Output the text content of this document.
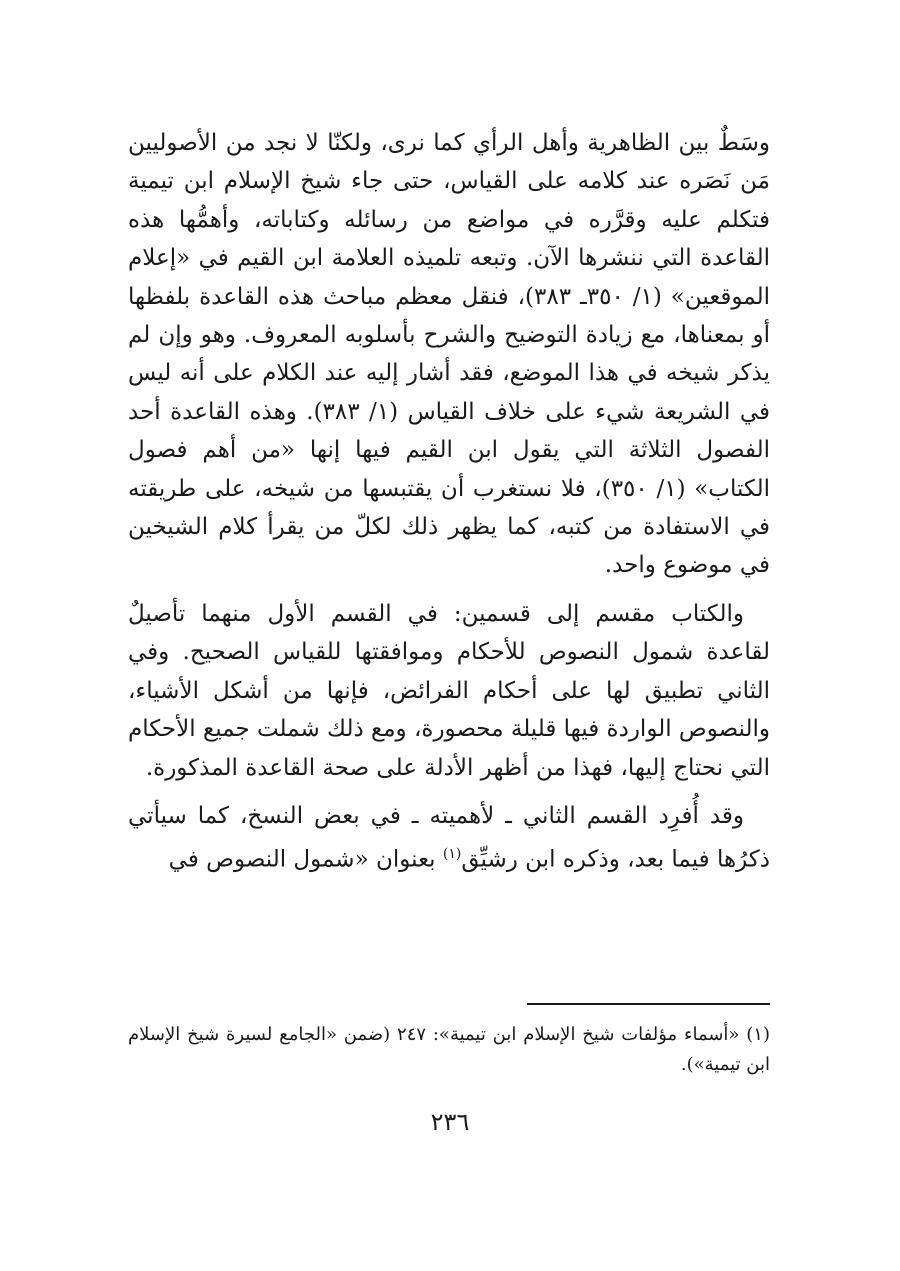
وسَطٌ بين الظاهرية وأهل الرأي كما نرى، ولكنّا لا نجد من الأصوليين مَن نَصَره عند كلامه على القياس، حتى جاء شيخ الإسلام ابن تيمية فتكلم عليه وقرَّره في مواضع من رسائله وكتاباته، وأهمُّها هذه القاعدة التي ننشرها الآن. وتبعه تلميذه العلامة ابن القيم في «إعلام الموقعين» (١/ ٣٥٠ـ ٣٨٣)، فنقل معظم مباحث هذه القاعدة بلفظها أو بمعناها، مع زيادة التوضيح والشرح بأسلوبه المعروف. وهو وإن لم يذكر شيخه في هذا الموضع، فقد أشار إليه عند الكلام على أنه ليس في الشريعة شيء على خلاف القياس (١/ ٣٨٣). وهذه القاعدة أحد الفصول الثلاثة التي يقول ابن القيم فيها إنها «من أهم فصول الكتاب» (١/ ٣٥٠)، فلا نستغرب أن يقتبسها من شيخه، على طريقته في الاستفادة من كتبه، كما يظهر ذلك لكلّ من يقرأ كلام الشيخين في موضوع واحد.

والكتاب مقسم إلى قسمين: في القسم الأول منهما تأصيلٌ لقاعدة شمول النصوص للأحكام وموافقتها للقياس الصحيح. وفي الثاني تطبيق لها على أحكام الفرائض، فإنها من أشكل الأشياء، والنصوص الواردة فيها قليلة محصورة، ومع ذلك شملت جميع الأحكام التي نحتاج إليها، فهذا من أظهر الأدلة على صحة القاعدة المذكورة.

وقد أُفرِد القسم الثاني ـ لأهميته ـ في بعض النسخ، كما سيأتي ذكرُها فيما بعد، وذكره ابن رشيِّق$^{(١)}$ بعنوان «شمول النصوص في

(١) «أسماء مؤلفات شيخ الإسلام ابن تيمية»: ٢٤٧ (ضمن «الجامع لسيرة شيخ الإسلام ابن تيمية»).

٢٣٦
